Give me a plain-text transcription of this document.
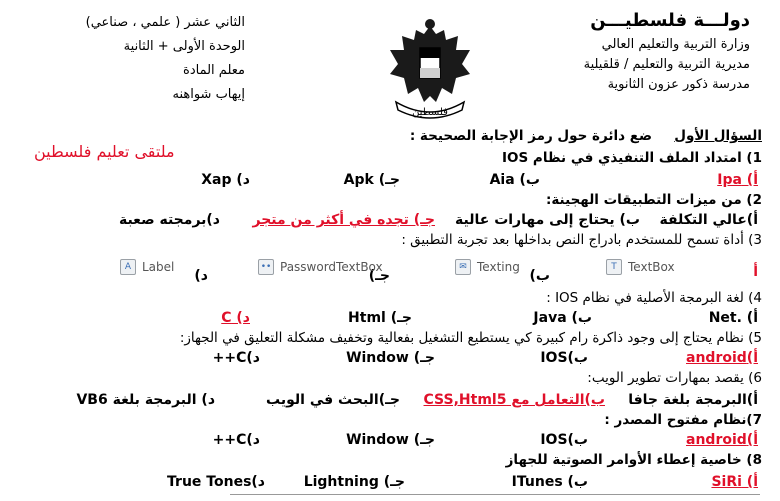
دولـــة فلسطيـــن
وزارة التربية والتعليم العالي
مديرية التربية والتعليم / قلقيلية
مدرسة ذكور عزون الثانوية
الثاني عشر ( علمي ، صناعي)
الوحدة الأولى + الثانية
معلم المادة
إيهاب شواهنه
فلسطين
ملتقى تعليم فلسطين
السؤال الأول
ضع دائرة حول رمز الإجابة الصحيحة :
1) امتداد الملف التنفيذي في نظام IOS
أ) Ipa
ب) Aia
جـ) Apk
د) Xap
2) من ميزات التطبيقات الهجينة:
أ)عالي التكلفة
ب) يحتاج إلى مهارات عالية
جـ) تجده في أكثر من متجر
د)برمجته صعبة
3) أداة تسمح للمستخدم بادراج النص بداخلها بعد تجربة التطبيق :
أ
T TextBox
ب)
✉ Texting
جـ)
•• PasswordTextBox
د)
A Label
4) لغة البرمجة الأصلية في نظام IOS :
أ) .Net
ب) Java
جـ) Html
د) C
5) نظام يحتاج إلى وجود ذاكرة رام كبيرة كي يستطيع التشغيل بفعالية وتخفيف مشكلة التعليق في الجهاز:
أ)android
ب)IOS
جـ) Window
د)C++
6) يقصد بمهارات تطوير الويب:
أ)البرمجة بلغة جافا
ب)التعامل مع CSS,Html5
جـ)البحث في الويب
د) البرمجة بلغة VB6
7)نظام مفتوح المصدر :
أ)android
ب)IOS
جـ) Window
د)C++
8) خاصية إعطاء الأوامر الصوتية للجهاز
أ) SiRi
ب) ITunes
جـ) Lightning
د)True Tones
